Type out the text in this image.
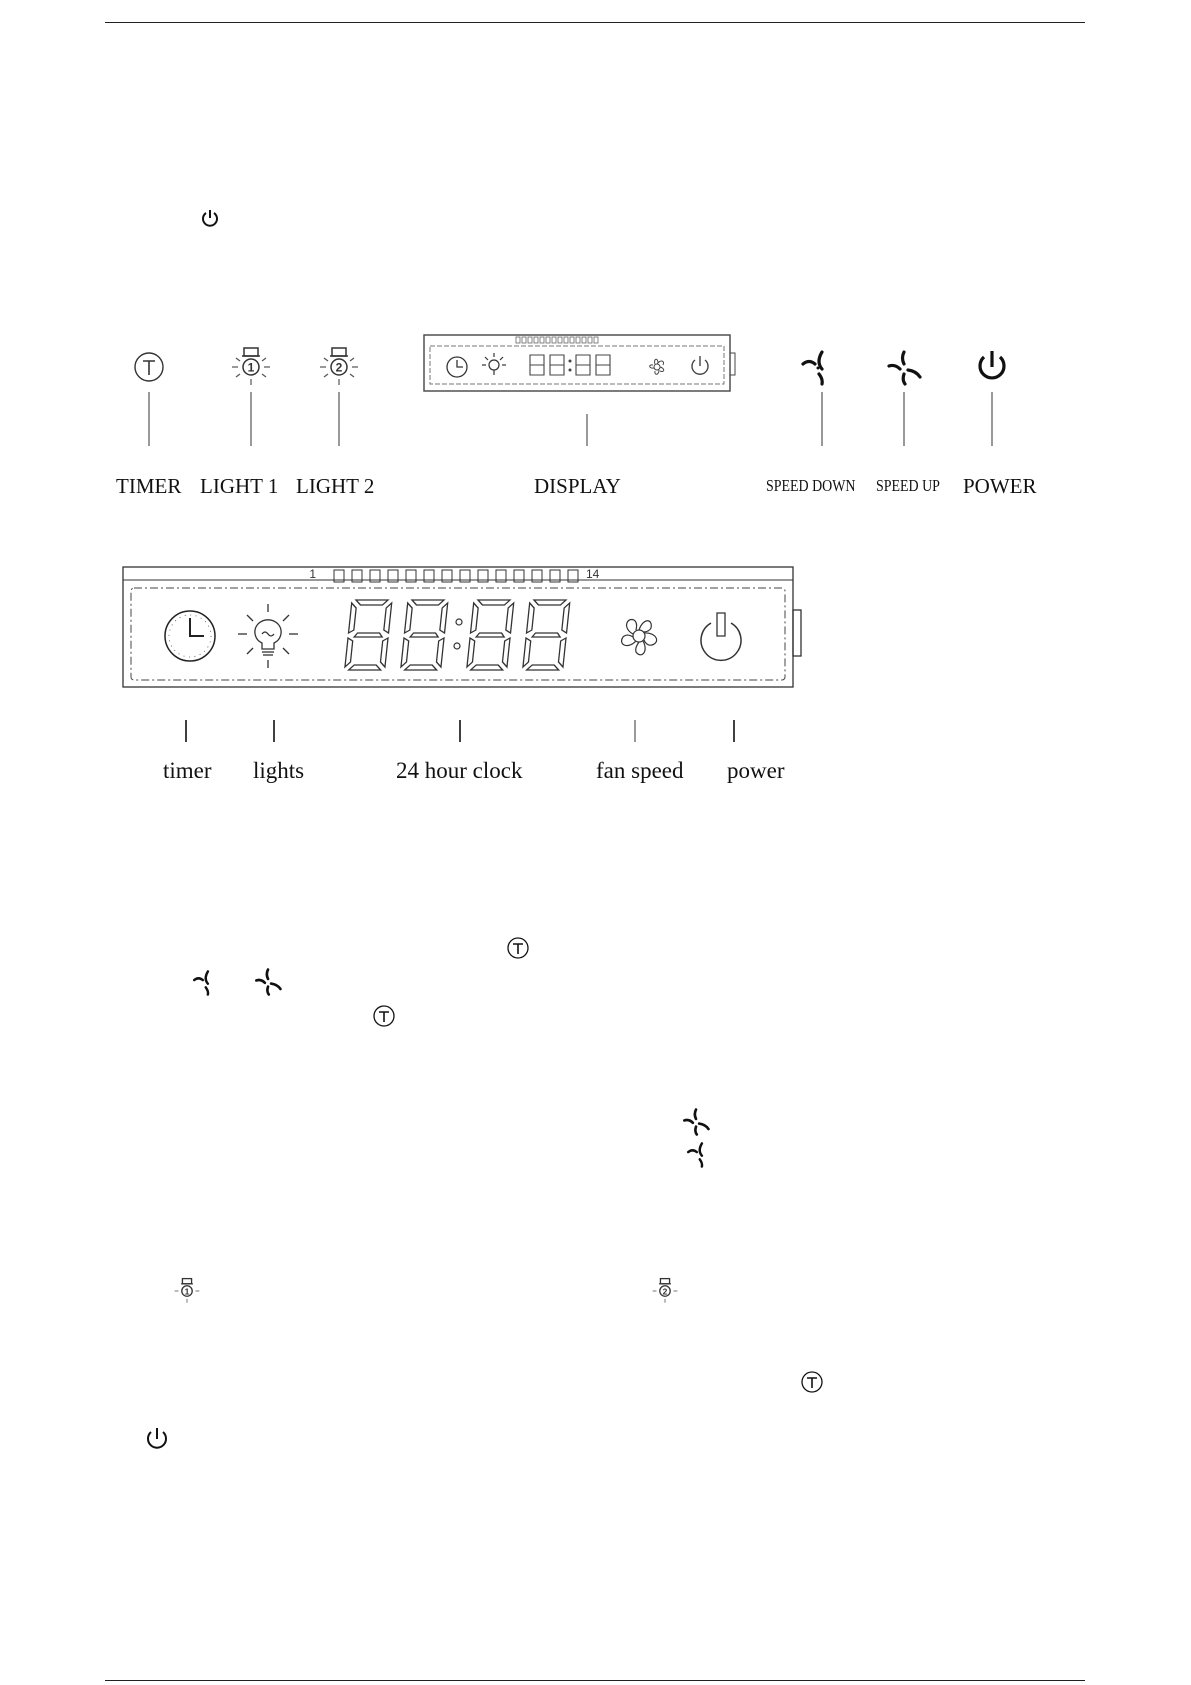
1	2
TIMER LIGHT 1 LIGHT 2	DISPLAY	SPEED DOWN SPEED UP POWER
1	14
timer lights	24 hour clock	fan speed power
1	2
